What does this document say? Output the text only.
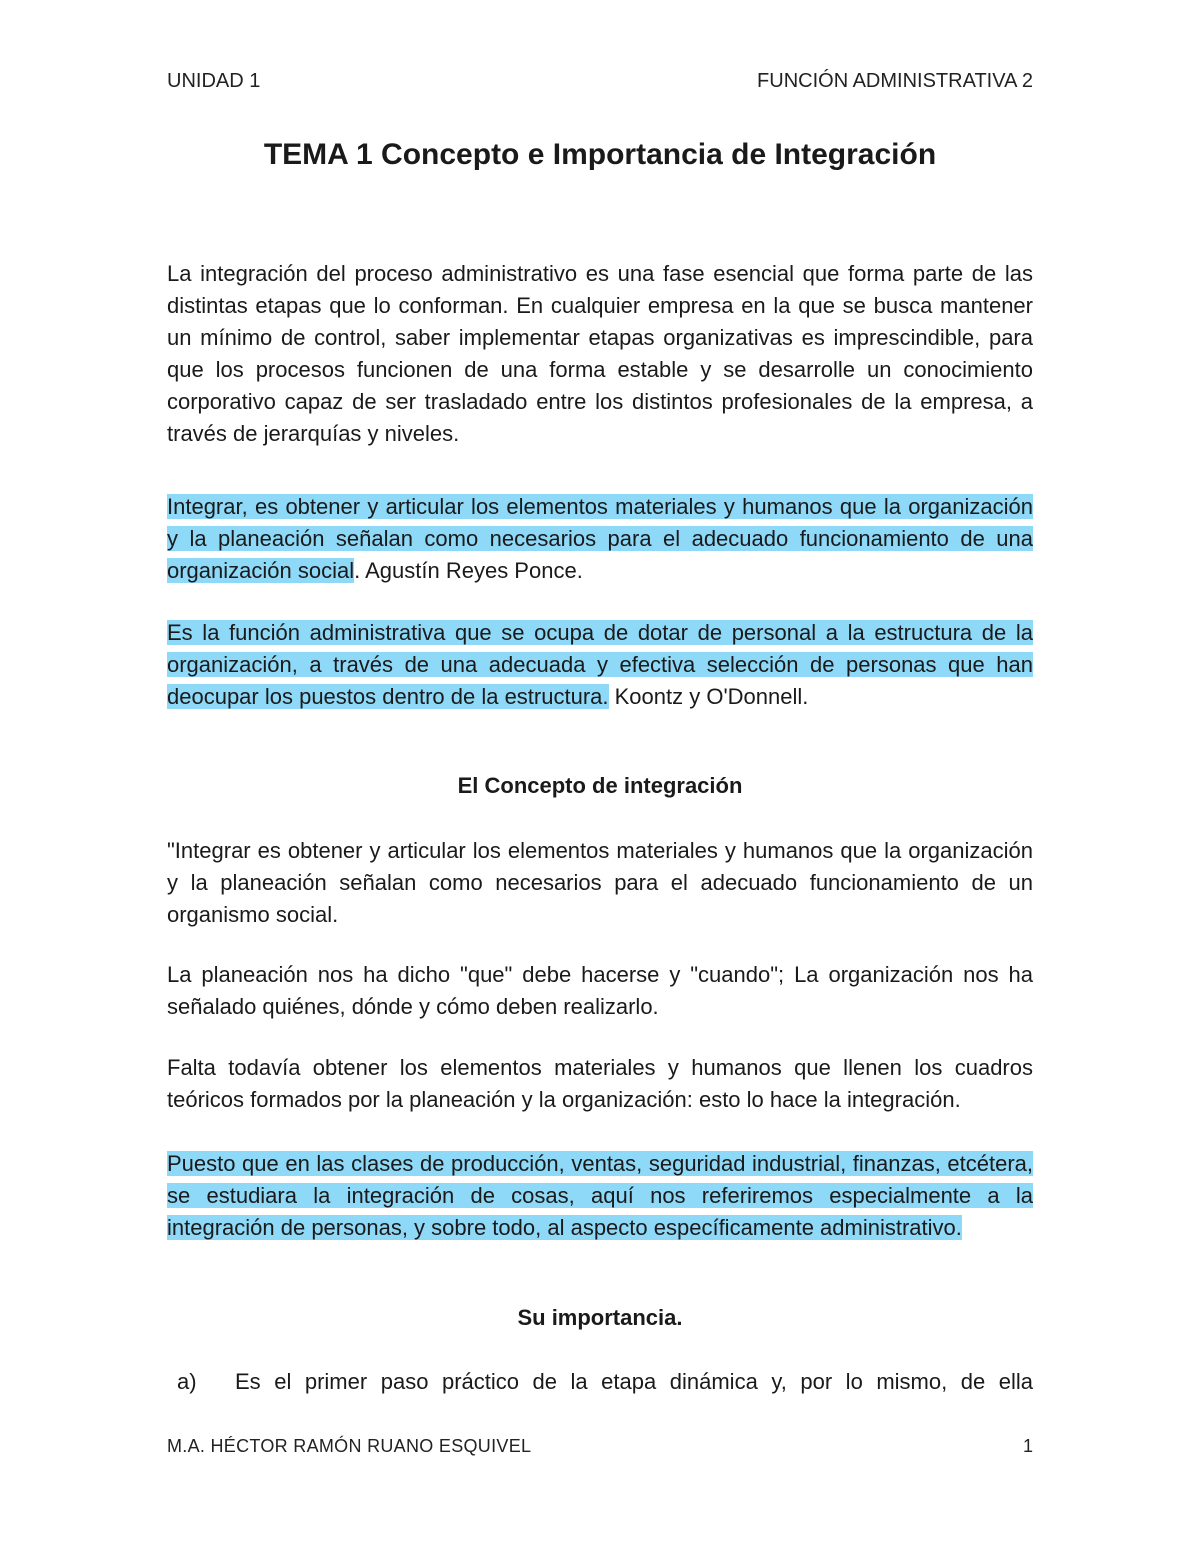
UNIDAD 1	FUNCIÓN ADMINISTRATIVA 2
TEMA 1 Concepto e Importancia de Integración

La integración del proceso administrativo es una fase esencial que forma parte de las distintas etapas que lo conforman. En cualquier empresa en la que se busca mantener un mínimo de control, saber implementar etapas organizativas es imprescindible, para que los procesos funcionen de una forma estable y se desarrolle un conocimiento corporativo capaz de ser trasladado entre los distintos profesionales de la empresa, a través de jerarquías y niveles.

Integrar, es obtener y articular los elementos materiales y humanos que la organización y la planeación señalan como necesarios para el adecuado funcionamiento de una organización social. Agustín Reyes Ponce.

Es la función administrativa que se ocupa de dotar de personal a la estructura de la organización, a través de una adecuada y efectiva selección de personas que han deocupar los puestos dentro de la estructura. Koontz y O'Donnell.

El Concepto de integración

"Integrar es obtener y articular los elementos materiales y humanos que la organización y la planeación señalan como necesarios para el adecuado funcionamiento de un organismo social.

La planeación nos ha dicho "que" debe hacerse y "cuando"; La organización nos ha señalado quiénes, dónde y cómo deben realizarlo.

Falta todavía obtener los elementos materiales y humanos que llenen los cuadros teóricos formados por la planeación y la organización: esto lo hace la integración.

Puesto que en las clases de producción, ventas, seguridad industrial, finanzas, etcétera, se estudiara la integración de cosas, aquí nos referiremos especialmente a la integración de personas, y sobre todo, al aspecto específicamente administrativo.

Su importancia.
a)	Es el primer paso práctico de la etapa dinámica y, por lo mismo, de ella
M.A. HÉCTOR RAMÓN RUANO ESQUIVEL	1
